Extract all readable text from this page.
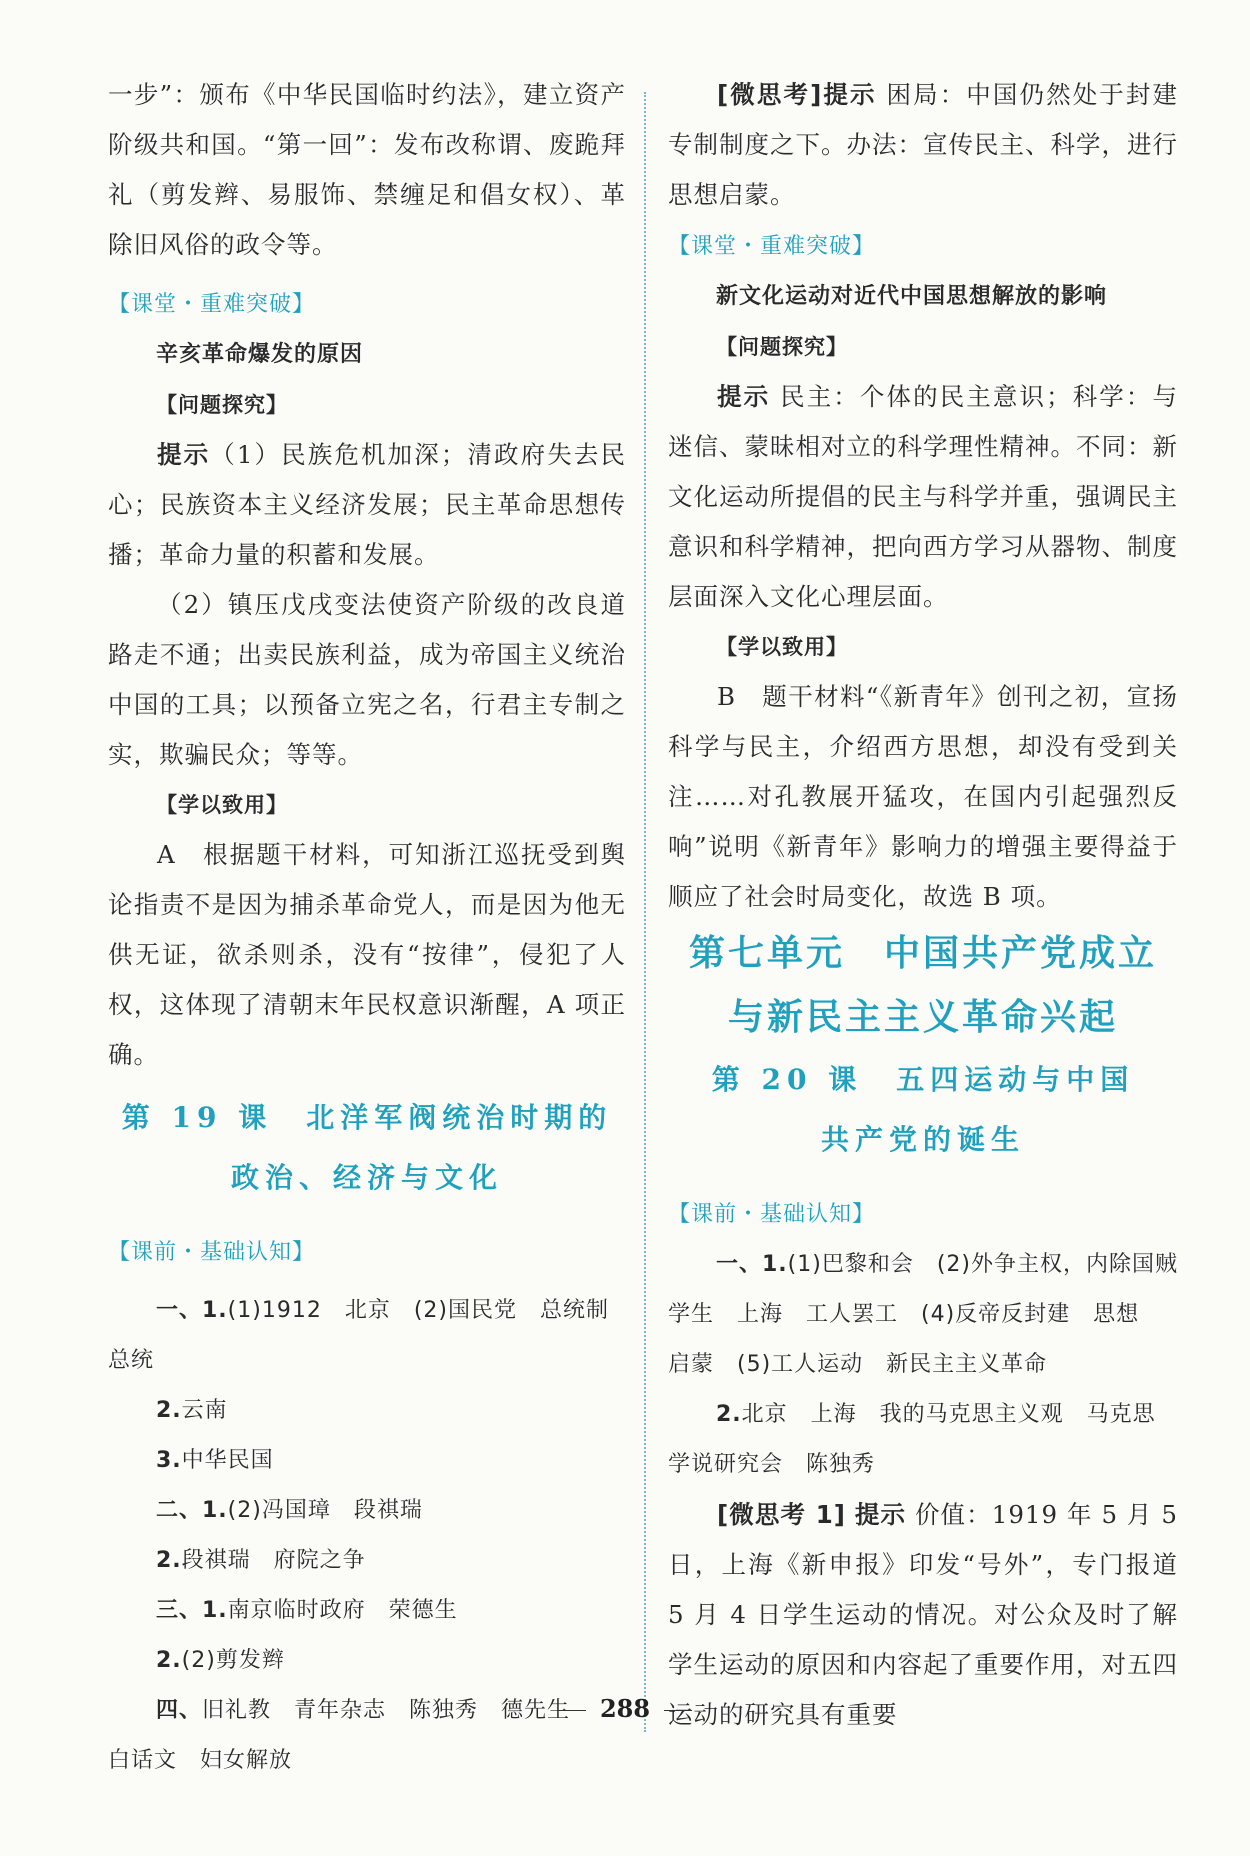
一步”：颁布《中华民国临时约法》，建立资产阶级共和国。“第一回”：发布改称谓、废跪拜礼（剪发辫、易服饰、禁缠足和倡女权）、革除旧风俗的政令等。

【课堂・重难突破】
辛亥革命爆发的原因
【问题探究】

提示（1）民族危机加深；清政府失去民心；民族资本主义经济发展；民主革命思想传播；革命力量的积蓄和发展。

（2）镇压戊戌变法使资产阶级的改良道路走不通；出卖民族利益，成为帝国主义统治中国的工具；以预备立宪之名，行君主专制之实，欺骗民众；等等。

【学以致用】

A　根据题干材料，可知浙江巡抚受到舆论指责不是因为捕杀革命党人，而是因为他无供无证，欲杀则杀，没有“按律”，侵犯了人权，这体现了清朝末年民权意识渐醒，A 项正确。

第 19 课　北洋军阀统治时期的
政治、经济与文化
【课前・基础认知】
一、1.(1)1912　北京　(2)国民党　总统制
总统
2.云南
3.中华民国
二、1.(2)冯国璋　段祺瑞
2.段祺瑞　府院之争
三、1.南京临时政府　荣德生
2.(2)剪发辫
四、旧礼教　青年杂志　陈独秀　德先生
白话文　妇女解放

[微思考]提示 困局：中国仍然处于封建专制制度之下。办法：宣传民主、科学，进行思想启蒙。

【课堂・重难突破】
新文化运动对近代中国思想解放的影响
【问题探究】

提示 民主：个体的民主意识；科学：与迷信、蒙昧相对立的科学理性精神。不同：新文化运动所提倡的民主与科学并重，强调民主意识和科学精神，把向西方学习从器物、制度层面深入文化心理层面。

【学以致用】

B　题干材料“《新青年》创刊之初，宣扬科学与民主，介绍西方思想，却没有受到关注……对孔教展开猛攻，在国内引起强烈反响”说明《新青年》影响力的增强主要得益于顺应了社会时局变化，故选 B 项。

第七单元　中国共产党成立
与新民主主义革命兴起
第 20 课　五四运动与中国
共产党的诞生
【课前・基础认知】
一、1.(1)巴黎和会　(2)外争主权，内除国贼
学生　上海　工人罢工　(4)反帝反封建　思想
启蒙　(5)工人运动　新民主主义革命
2.北京　上海　我的马克思主义观　马克思
学说研究会　陈独秀

[微思考 1] 提示 价值：1919 年 5 月 5 日，上海《新申报》印发“号外”，专门报道 5 月 4 日学生运动的情况。对公众及时了解学生运动的原因和内容起了重要作用，对五四运动的研究具有重要

288
